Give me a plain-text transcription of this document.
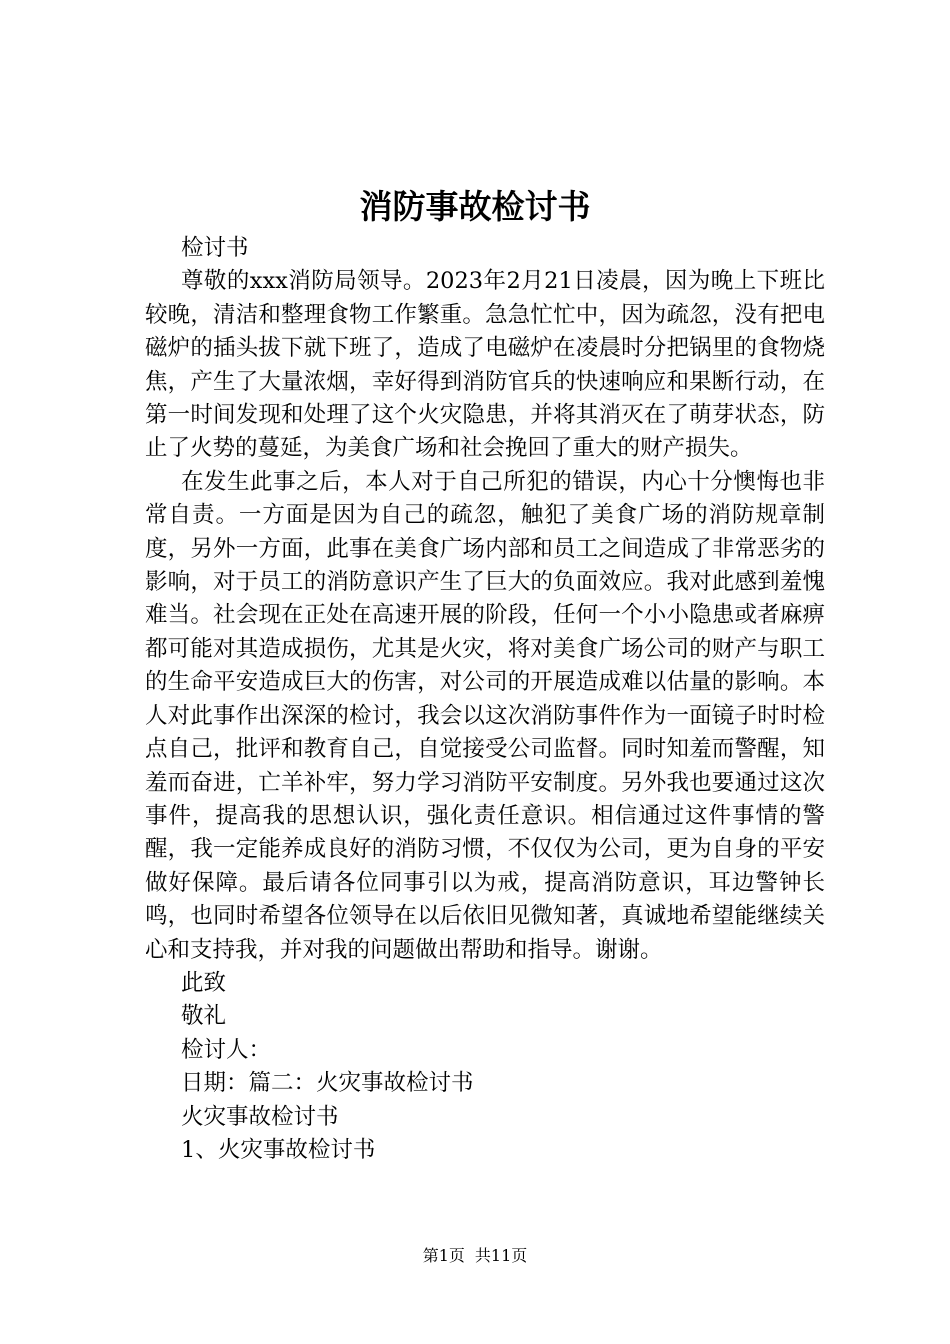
消防事故检讨书

检讨书

尊敬的xxx消防局领导。2023年2月21日凌晨，因为晚上下班比较晚，清洁和整理食物工作繁重。急急忙忙中，因为疏忽，没有把电磁炉的插头拔下就下班了，造成了电磁炉在凌晨时分把锅里的食物烧焦，产生了大量浓烟，幸好得到消防官兵的快速响应和果断行动，在第一时间发现和处理了这个火灾隐患，并将其消灭在了萌芽状态，防止了火势的蔓延，为美食广场和社会挽回了重大的财产损失。

在发生此事之后，本人对于自己所犯的错误，内心十分懊悔也非常自责。一方面是因为自己的疏忽，触犯了美食广场的消防规章制度，另外一方面，此事在美食广场内部和员工之间造成了非常恶劣的影响，对于员工的消防意识产生了巨大的负面效应。我对此感到羞愧难当。社会现在正处在高速开展的阶段，任何一个小小隐患或者麻痹都可能对其造成损伤，尤其是火灾，将对美食广场公司的财产与职工的生命平安造成巨大的伤害，对公司的开展造成难以估量的影响。本人对此事作出深深的检讨，我会以这次消防事件作为一面镜子时时检点自己，批评和教育自己，自觉接受公司监督。同时知羞而警醒，知羞而奋进，亡羊补牢，努力学习消防平安制度。另外我也要通过这次事件，提高我的思想认识，强化责任意识。相信通过这件事情的警醒，我一定能养成良好的消防习惯，不仅仅为公司，更为自身的平安做好保障。最后请各位同事引以为戒，提高消防意识，耳边警钟长鸣，也同时希望各位领导在以后依旧见微知著，真诚地希望能继续关心和支持我，并对我的问题做出帮助和指导。谢谢。

此致

敬礼

检讨人：

日期：篇二：火灾事故检讨书

火灾事故检讨书

1、火灾事故检讨书

第1页 共11页
